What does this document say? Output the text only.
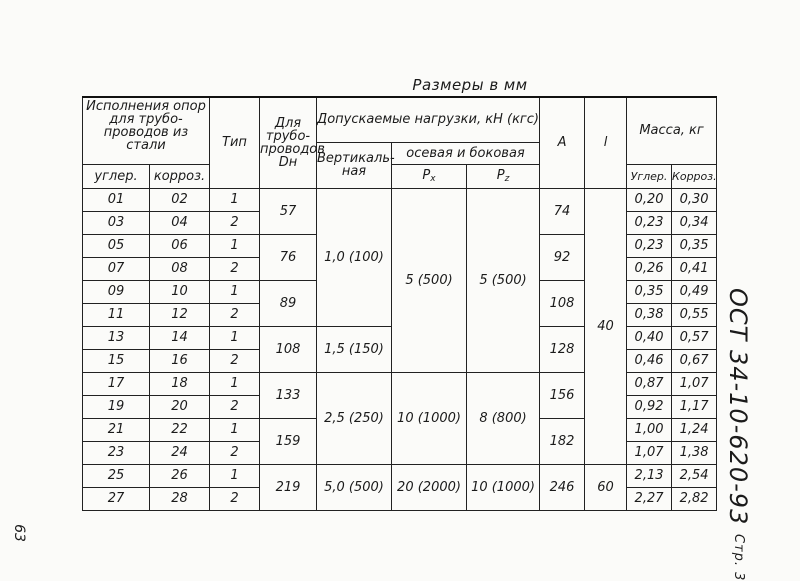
Размеры в мм
Исполнения опор для трубо-проводов из стали		Тип	Для трубо-проводов Dн	Допускаемые нагрузки, кН (кгс)			A	l	Масса, кг	
				Вертикаль-ная	осевая и боковая					
углер.	корроз.				$P_x$	$P_z$			Углер.	Корроз.
01	02	1	57	1,0 (100)	5 (500)	5 (500)	74	40	0,20	0,30
03	04	2							0,23	0,34
05	06	1	76				92		0,23	0,35
07	08	2							0,26	0,41
09	10	1	89				108		0,35	0,49
11	12	2							0,38	0,55
13	14	1	108	1,5 (150)			128		0,40	0,57
15	16	2							0,46	0,67
17	18	1	133	2,5 (250)	10 (1000)	8 (800)	156		0,87	1,07
19	20	2							0,92	1,17
21	22	1	159				182		1,00	1,24
23	24	2							1,07	1,38
25	26	1	219	5,0 (500)	20 (2000)	10 (1000)	246	60	2,13	2,54
27	28	2							2,27	2,82 ОСТ 34-10-620-93 Стр. 3
63
